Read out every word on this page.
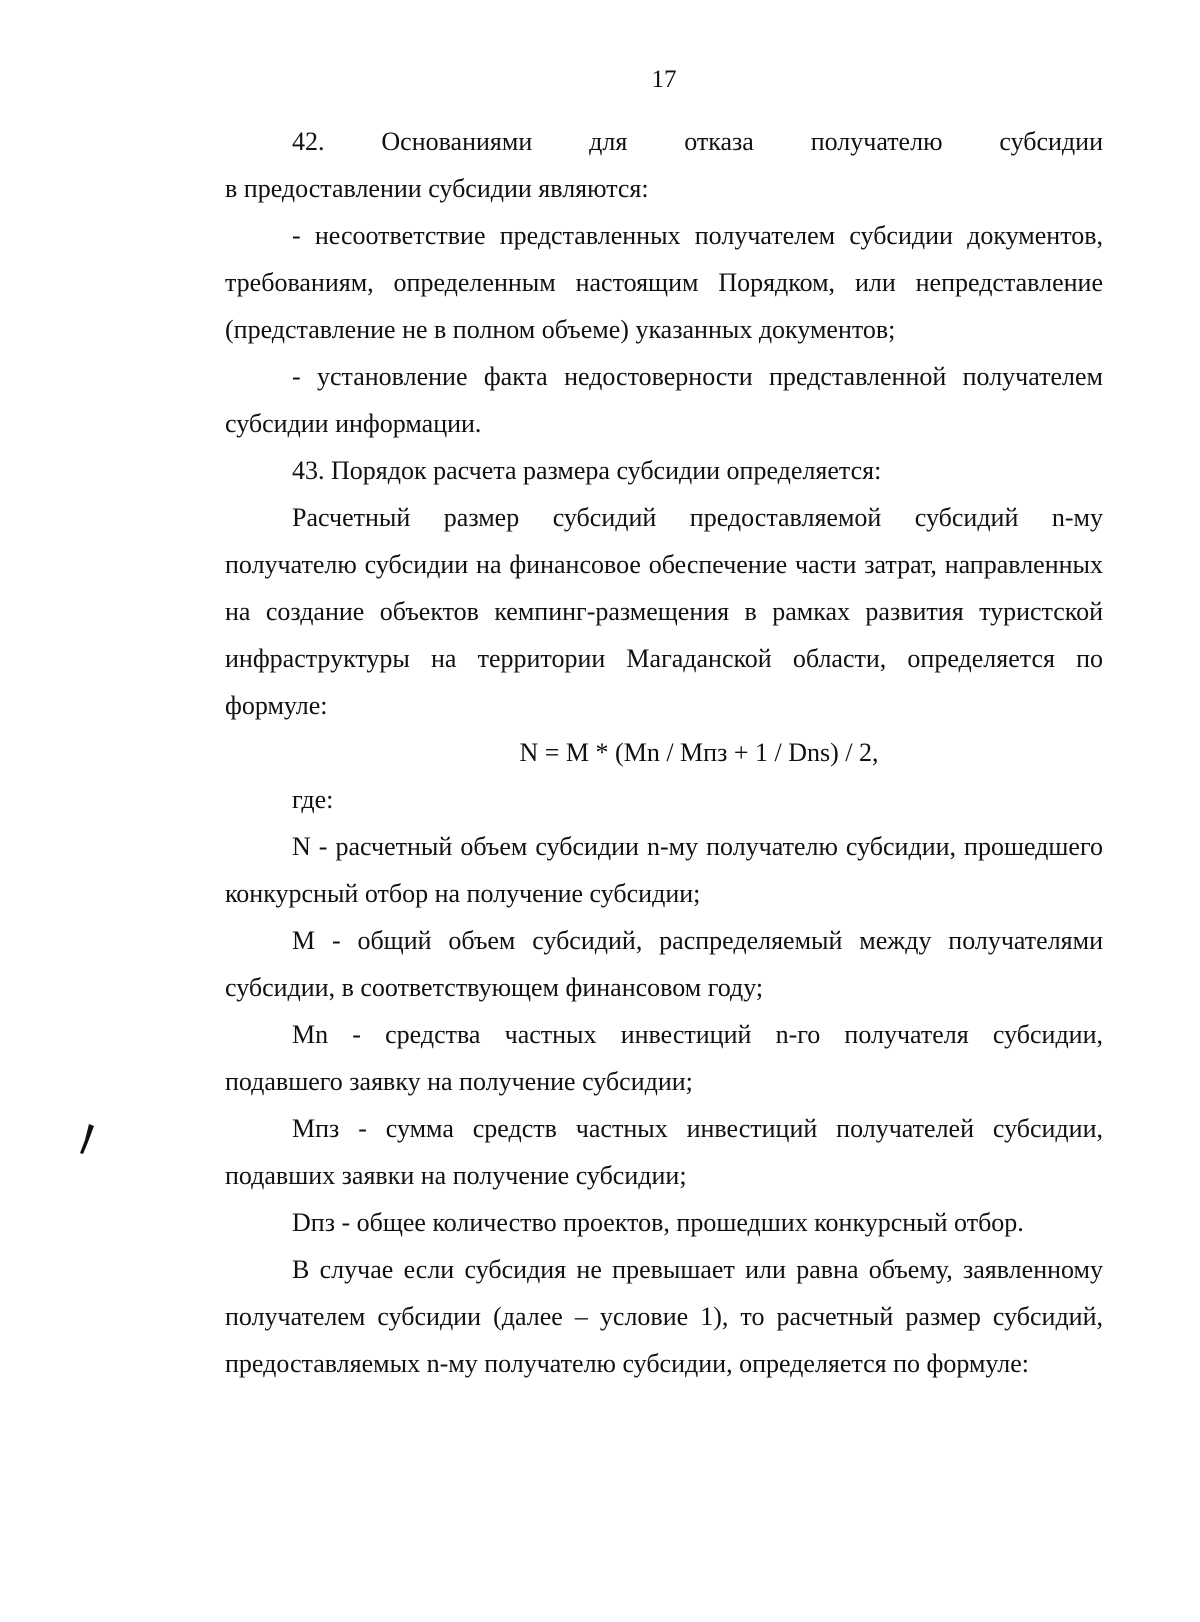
17
42. Основаниями для отказа получателю субсидии

в предоставлении субсидии являются:

- несоответствие представленных получателем субсидии документов, требованиям, определенным настоящим Порядком, или непредставление (представление не в полном объеме) указанных документов;

- установление факта недостоверности представленной получателем субсидии информации.

43. Порядок расчета размера субсидии определяется:

Расчетный размер субсидий предоставляемой субсидий n-му получателю субсидии на финансовое обеспечение части затрат, направленных на создание объектов кемпинг-размещения в рамках развития туристской инфраструктуры на территории Магаданской области, определяется по формуле:

N = M * (Mn / Mпз + 1 / Dns) / 2,

где:

N - расчетный объем субсидии n-му получателю субсидии, прошедшего конкурсный отбор на получение субсидии;

M - общий объем субсидий, распределяемый между получателями субсидии, в соответствующем финансовом году;

Mn - средства частных инвестиций n-го получателя субсидии, подавшего заявку на получение субсидии;

Mпз - сумма средств частных инвестиций получателей субсидии, подавших заявки на получение субсидии;

Dпз - общее количество проектов, прошедших конкурсный отбор.

В случае если субсидия не превышает или равна объему, заявленному получателем субсидии (далее – условие 1), то расчетный размер субсидий, предоставляемых n-му получателю субсидии, определяется по формуле:
